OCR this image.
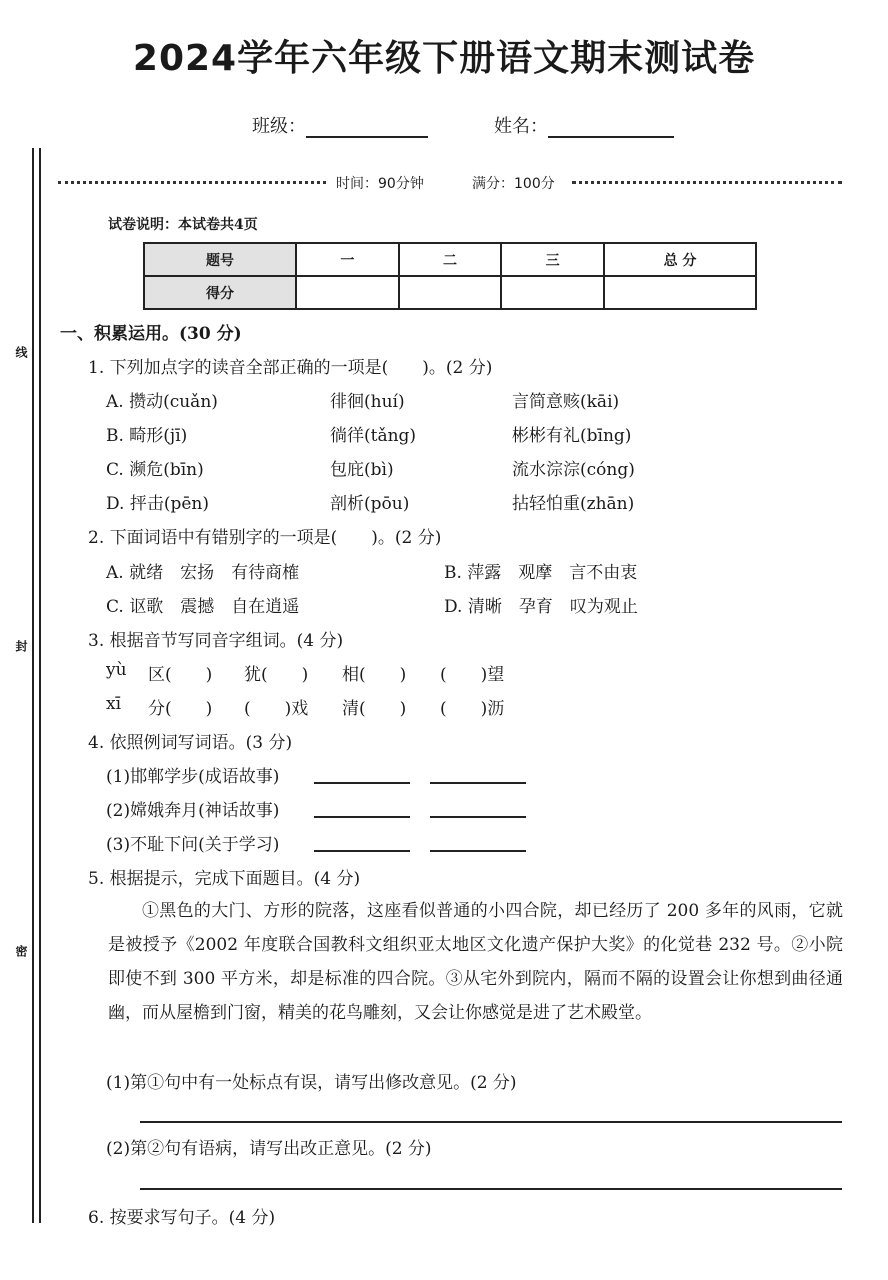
2024学年六年级下册语文期末测试卷
班级：	姓名：
线
封
密
时间：90分钟	满分：100分
试卷说明：本试卷共4页
题号	一	二	三	总 分
得分				
一、积累运用。(30 分)
1. 下列加点字的读音全部正确的一项是(　　)。(2 分)
A. 攒动(cuǎn)	徘徊(huí)	言简意赅(kāi)
B. 畸形(jī)	徜徉(tǎng)	彬彬有礼(bīng)
C. 濒危(bīn)	包庇(bì)	流水淙淙(cóng)
D. 抨击(pēn)	剖析(pōu)	拈轻怕重(zhān)
2. 下面词语中有错别字的一项是(　　)。(2 分)
A. 就绪　宏扬　有待商榷	B. 萍露　观摩　言不由衷
C. 讴歌　震撼　自在逍遥	D. 清晰　孕育　叹为观止
3. 根据音节写同音字组词。(4 分)
yù 区(　　) 犹(　　) 相(　　) (　　)望
xī 分(　　) (　　)戏 清(　　) (　　)沥
4. 依照例词写词语。(3 分)
(1)邯郸学步(成语故事)
(2)嫦娥奔月(神话故事)
(3)不耻下问(关于学习)
5. 根据提示，完成下面题目。(4 分)
①黑色的大门、方形的院落，这座看似普通的小四合院，却已经历了 200 多年的风雨，它就是被授予《2002 年度联合国教科文组织亚太地区文化遗产保护大奖》的化觉巷 232 号。②小院即使不到 300 平方米，却是标准的四合院。③从宅外到院内，隔而不隔的设置会让你想到曲径通幽，而从屋檐到门窗，精美的花鸟雕刻，又会让你感觉是进了艺术殿堂。
(1)第①句中有一处标点有误，请写出修改意见。(2 分)
(2)第②句有语病，请写出改正意见。(2 分)
6. 按要求写句子。(4 分)
